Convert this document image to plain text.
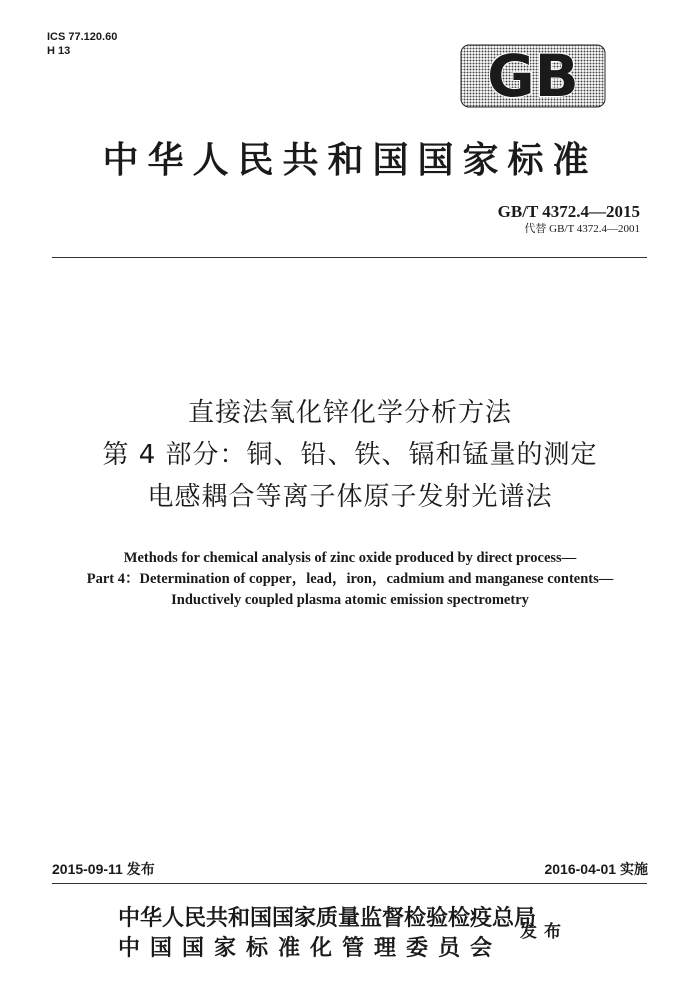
ICS 77.120.60
H 13	GB
中华人民共和国国家标准
GB/T 4372.4—2015
代替 GB/T 4372.4—2001
直接法氧化锌化学分析方法
第 4 部分：铜、铅、铁、镉和锰量的测定
电感耦合等离子体原子发射光谱法
Methods for chemical analysis of zinc oxide produced by direct process—
Part 4：Determination of copper，lead，iron，cadmium and manganese contents—
Inductively coupled plasma atomic emission spectrometry
2015-09-11 发布	2016-04-01 实施
中华人民共和国国家质量监督检验检疫总局
中国国家标准化管理委员会
发布
